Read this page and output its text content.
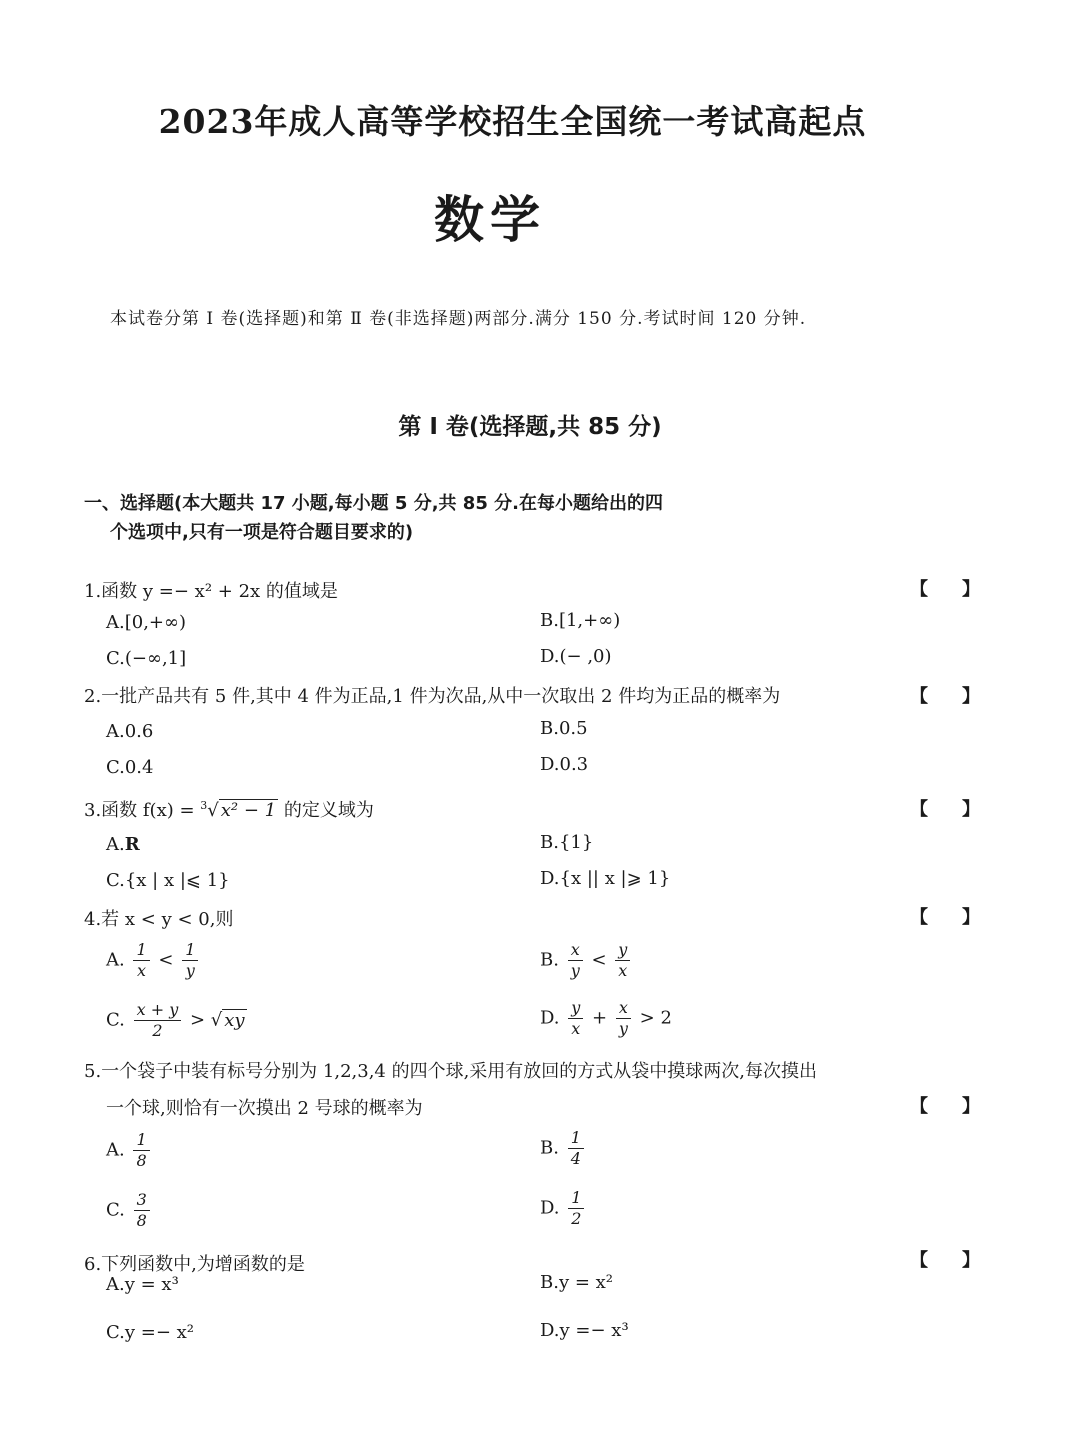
2023年成人高等学校招生全国统一考试高起点
数学
本试卷分第 Ⅰ 卷(选择题)和第 Ⅱ 卷(非选择题)两部分.满分 150 分.考试时间 120 分钟.
第 Ⅰ 卷(选择题,共 85 分)
一、选择题(本大题共 17 小题,每小题 5 分,共 85 分.在每小题给出的四
个选项中,只有一项是符合题目要求的)
1.函数 y =− x² + 2x 的值域是	【 】
A.[0,+∞)	B.[1,+∞)
C.(−∞,1]	D.(− ,0)
2.一批产品共有 5 件,其中 4 件为正品,1 件为次品,从中一次取出 2 件均为正品的概率为	【 】
A.0.6	B.0.5
C.0.4	D.0.3
3.函数 f(x) = $^3$√ x² − 1 的定义域为	【 】
A.R	B.{1}
C.{x | x |⩽ 1}	D.{x || x |⩾ 1}
4.若 x < y < 0,则	【 】
A. $\frac{1}{x} < \frac{1}{y}$	B. $\frac{x}{y} < \frac{y}{x}$
C. $\frac{x + y}{2}$ > √ xy	D. $\frac{y}{x} + \frac{x}{y} > 2$
5.一个袋子中装有标号分别为 1,2,3,4 的四个球,采用有放回的方式从袋中摸球两次,每次摸出
一个球,则恰有一次摸出 2 号球的概率为	【 】
A. $\frac{1}{8}$	B. $\frac{1}{4}$
C. $\frac{3}{8}$	D. $\frac{1}{2}$
6.下列函数中,为增函数的是	【 】
A.y = x³	B.y = x²
C.y =− x²	D.y =− x³
